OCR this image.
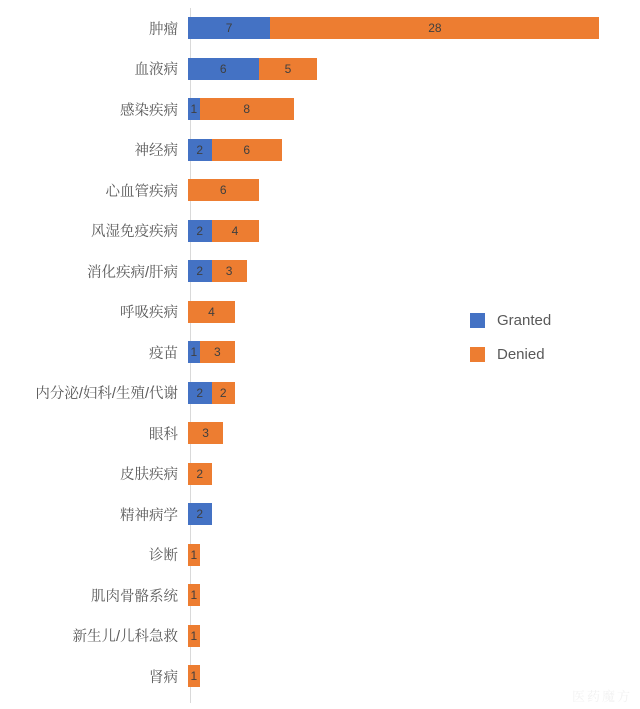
肿瘤	7	28
血液病	6	5
感染疾病	1	8
神经病	2	6
心血管疾病	6
风湿免疫疾病	2 4
消化疾病/肝病	2 3
呼吸疾病	4
疫苗	1 3
内分泌/妇科/生殖/代谢	2 2
眼科	3
皮肤疾病	2
精神病学	2
诊断	1
肌肉骨骼系统	1
新生儿/儿科急救	1
肾病	1
Granted
Denied
医药魔方
